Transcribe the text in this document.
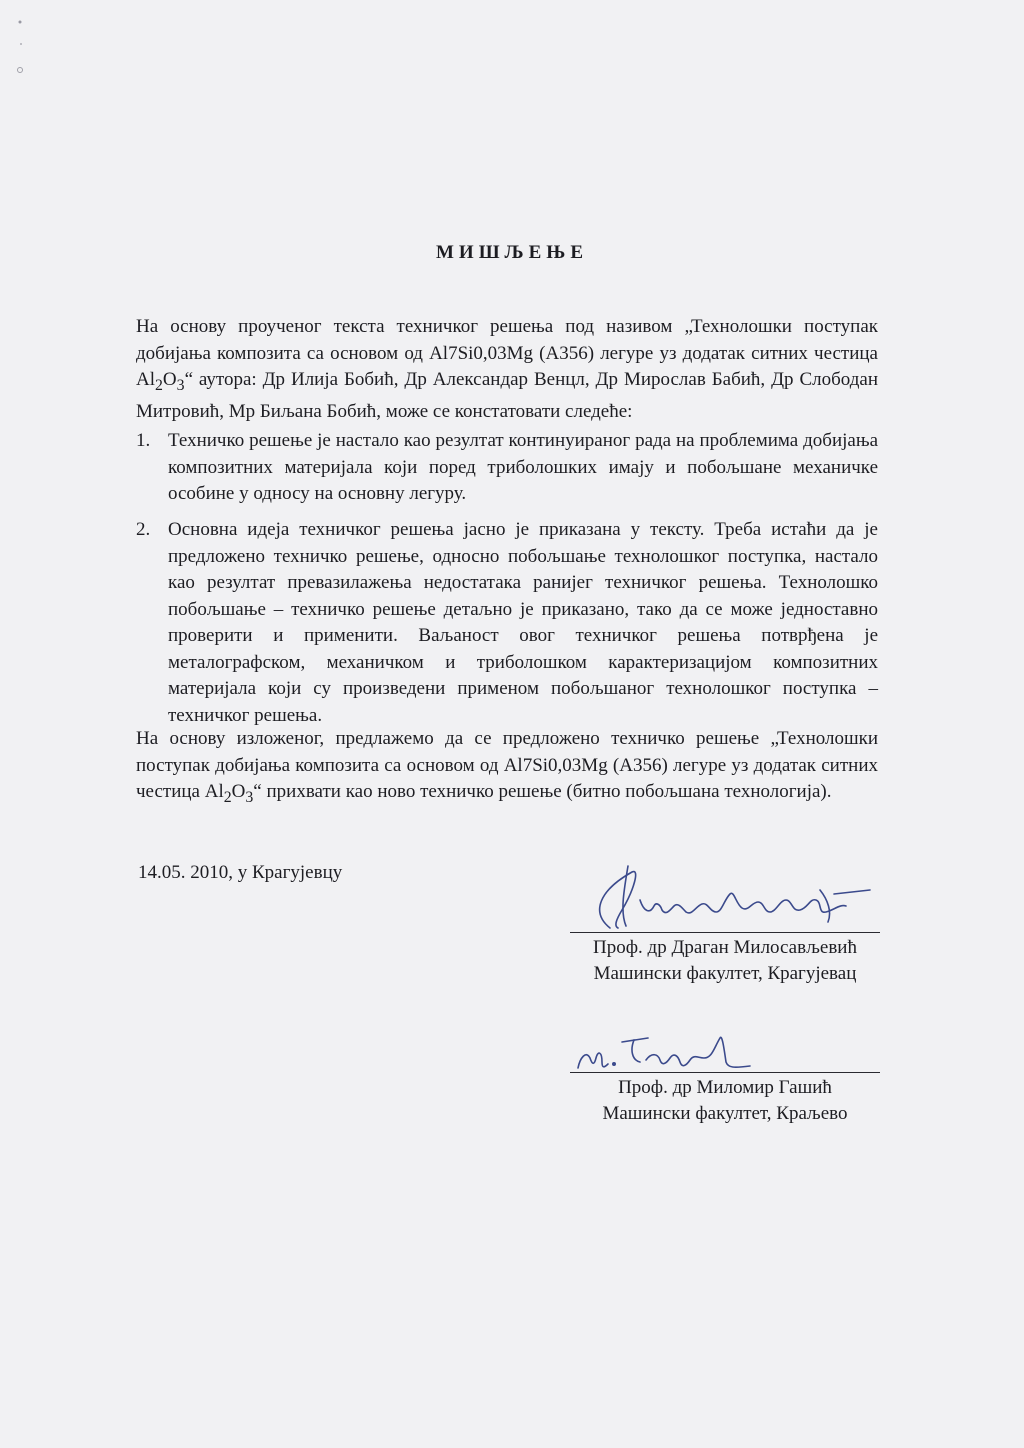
МИШЉЕЊЕ

На основу проученог текста техничког решења под називом „Технолошки поступак добијања композита са основом од Al7Si0,03Mg (А356) легуре уз додатак ситних честица $Al_2O_3“$ аутора: Др Илија Бобић, Др Александар Венцл, Др Мирослав Бабић, Др Слободан Митровић, Мр Биљана Бобић, може се констатовати следеће:

1. Техничко решење је настало као резултат континуираног рада на проблемима добијања композитних материјала који поред триболошких имају и побољшане механичке особине у односу на основну легуру.
2. Основна идеја техничког решења јасно је приказана у тексту. Треба истаћи да је предложено техничко решење, односно побољшање технолошког поступка, настало као резултат превазилажења недостатака ранијег техничког решења. Технолошко побољшање – техничко решење детаљно је приказано, тако да се може једноставно проверити и применити. Ваљаност овог техничког решења потврђена је металографском, механичком и триболошком карактеризацијом композитних материјала који су произведени применом побољшаног технолошког поступка – техничког решења.

На основу изложеног, предлажемо да се предложено техничко решење „Технолошки поступак добијања композита са основом од Al7Si0,03Mg (А356) легуре уз додатак ситних честица $Al_2O_3“$ прихвати као ново техничко решење (битно побољшана технологија).

14.05. 2010, у Крагујевцу
Проф. др Драган Милосављевић
Машински факултет, Крагујевац
Проф. др Миломир Гашић
Машински факултет, Краљево
